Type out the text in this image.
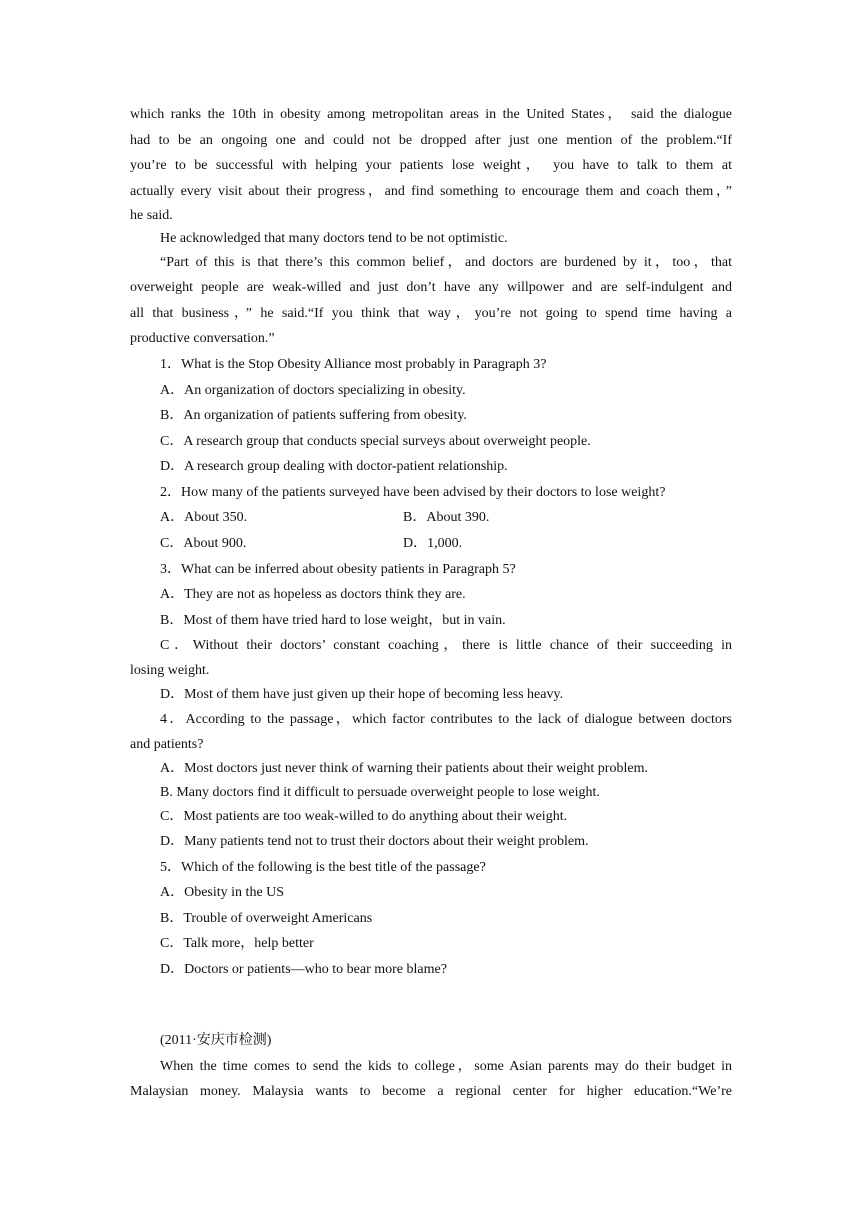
which ranks the 10th in obesity among metropolitan areas in the United States， said the dialogue
had to be an ongoing one and could not be dropped after just one mention of the problem.“If
you’re to be successful with helping your patients lose weight， you have to talk to them at
actually every visit about their progress，and find something to encourage them and coach them，”
he said.
He acknowledged that many doctors tend to be not optimistic.
“Part of this is that there’s this common belief，and doctors are burdened by it，too，that
overweight people are weak-willed and just don’t have any willpower and are self-indulgent and
all that business，” he said.“If you think that way，you’re not going to spend time having a
productive conversation.”
1．What is the Stop Obesity Alliance most probably in Paragraph 3?
A．An organization of doctors specializing in obesity.
B．An organization of patients suffering from obesity.
C．A research group that conducts special surveys about overweight people.
D．A research group dealing with doctor-patient relationship.
2．How many of the patients surveyed have been advised by their doctors to lose weight?
A．About 350.	B．About 390.
C．About 900.	D．1,000.
3．What can be inferred about obesity patients in Paragraph 5?
A．They are not as hopeless as doctors think they are.
B．Most of them have tried hard to lose weight，but in vain.
C．Without their doctors’ constant coaching，there is little chance of their succeeding in
losing weight.
D．Most of them have just given up their hope of becoming less heavy.
4．According to the passage，which factor contributes to the lack of dialogue between doctors
and patients?
A．Most doctors just never think of warning their patients about their weight problem.
B. Many doctors find it difficult to persuade overweight people to lose weight.
C．Most patients are too weak-willed to do anything about their weight.
D．Many patients tend not to trust their doctors about their weight problem.
5．Which of the following is the best title of the passage?
A．Obesity in the US
B．Trouble of overweight Americans
C．Talk more，help better
D．Doctors or patients—who to bear more blame?
(2011·安庆市检测)
When the time comes to send the kids to college，some Asian parents may do their budget in
Malaysian money. Malaysia wants to become a regional center for higher education.“We’re
